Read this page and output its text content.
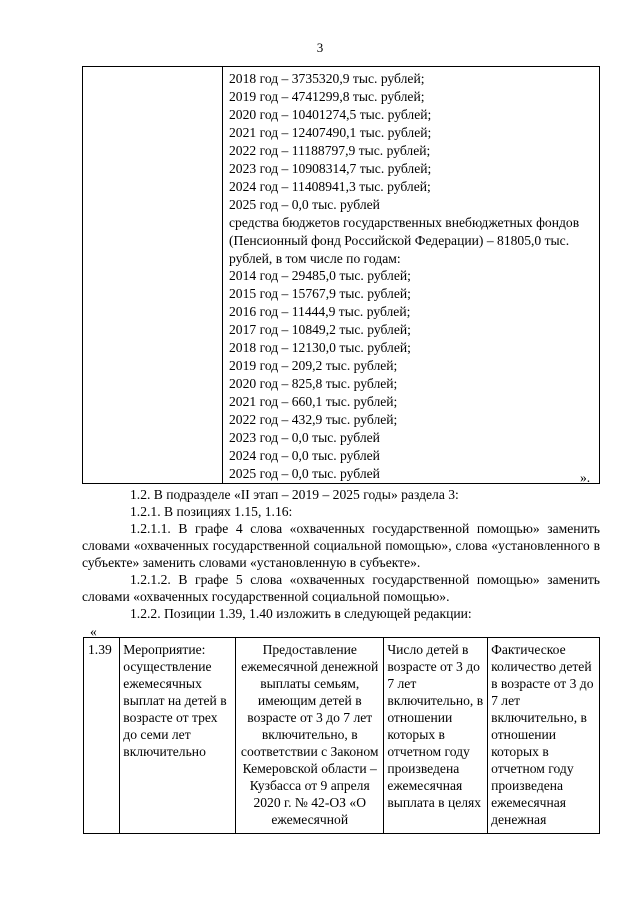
3

2018 год – 3735320,9 тыс. рублей;
2019 год – 4741299,8 тыс. рублей;
2020 год – 10401274,5 тыс. рублей;
2021 год – 12407490,1 тыс. рублей;
2022 год – 11188797,9 тыс. рублей;
2023 год – 10908314,7 тыс. рублей;
2024 год – 11408941,3 тыс. рублей;
2025 год – 0,0 тыс. рублей
средства бюджетов государственных внебюджетных фондов (Пенсионный фонд Российской Федерации) – 81805,0 тыс. рублей, в том числе по годам:
2014 год – 29485,0 тыс. рублей;
2015 год – 15767,9 тыс. рублей;
2016 год – 11444,9 тыс. рублей;
2017 год – 10849,2 тыс. рублей;
2018 год – 12130,0 тыс. рублей;
2019 год – 209,2 тыс. рублей;
2020 год – 825,8 тыс. рублей;
2021 год – 660,1 тыс. рублей;
2022 год – 432,9 тыс. рублей;
2023 год – 0,0 тыс. рублей
2024 год – 0,0 тыс. рублей
2025 год – 0,0 тыс. рублей	».
1.2. В подразделе «II этап – 2019 – 2025 годы» раздела 3:
1.2.1. В позициях 1.15, 1.16:
1.2.1.1. В графе 4 слова «охваченных государственной помощью» заменить словами «охваченных государственной социальной помощью», слова «установленного в субъекте» заменить словами «установленную в субъекте».
1.2.1.2. В графе 5 слова «охваченных государственной помощью» заменить словами «охваченных государственной социальной помощью».
1.2.2. Позиции 1.39, 1.40 изложить в следующей редакции:
«
1.39	Мероприятие: осуществление ежемесячных выплат на детей в возрасте от трех до семи лет включительно	Предоставление ежемесячной денежной выплаты семьям, имеющим детей в возрасте от 3 до 7 лет включительно, в соответствии с Законом Кемеровской области – Кузбасса от 9 апреля 2020 г. № 42-ОЗ «О ежемесячной	Число детей в возрасте от 3 до 7 лет включительно, в отношении которых в отчетном году произведена ежемесячная выплата в целях	Фактическое количество детей в возрасте от 3 до 7 лет включительно, в отношении которых в отчетном году произведена ежемесячная денежная
